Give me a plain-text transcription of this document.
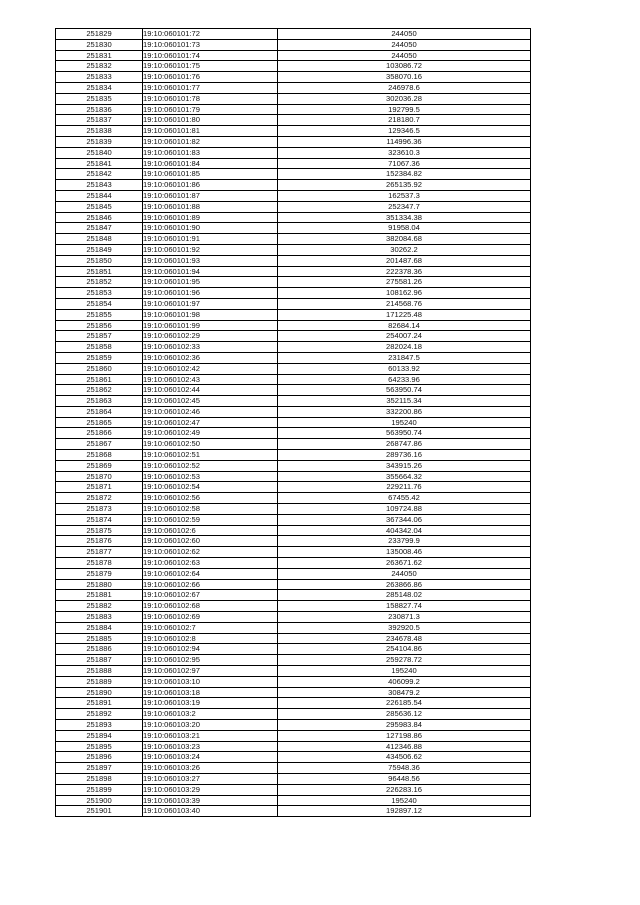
251829	19:10:060101:72	244050
251830	19:10:060101:73	244050
251831	19:10:060101:74	244050
251832	19:10:060101:75	103086.72
251833	19:10:060101:76	358070.16
251834	19:10:060101:77	246978.6
251835	19:10:060101:78	302036.28
251836	19:10:060101:79	192799.5
251837	19:10:060101:80	218180.7
251838	19:10:060101:81	129346.5
251839	19:10:060101:82	114996.36
251840	19:10:060101:83	323610.3
251841	19:10:060101:84	71067.36
251842	19:10:060101:85	152384.82
251843	19:10:060101:86	265135.92
251844	19:10:060101:87	162537.3
251845	19:10:060101:88	252347.7
251846	19:10:060101:89	351334.38
251847	19:10:060101:90	91958.04
251848	19:10:060101:91	382084.68
251849	19:10:060101:92	30262.2
251850	19:10:060101:93	201487.68
251851	19:10:060101:94	222378.36
251852	19:10:060101:95	275581.26
251853	19:10:060101:96	108162.96
251854	19:10:060101:97	214568.76
251855	19:10:060101:98	171225.48
251856	19:10:060101:99	82684.14
251857	19:10:060102:29	254007.24
251858	19:10:060102:33	282024.18
251859	19:10:060102:36	231847.5
251860	19:10:060102:42	60133.92
251861	19:10:060102:43	64233.96
251862	19:10:060102:44	563950.74
251863	19:10:060102:45	352115.34
251864	19:10:060102:46	332200.86
251865	19:10:060102:47	195240
251866	19:10:060102:49	563950.74
251867	19:10:060102:50	268747.86
251868	19:10:060102:51	289736.16
251869	19:10:060102:52	343915.26
251870	19:10:060102:53	355664.32
251871	19:10:060102:54	229211.76
251872	19:10:060102:56	67455.42
251873	19:10:060102:58	109724.88
251874	19:10:060102:59	367344.06
251875	19:10:060102:6	404342.04
251876	19:10:060102:60	233799.9
251877	19:10:060102:62	135008.46
251878	19:10:060102:63	263671.62
251879	19:10:060102:64	244050
251880	19:10:060102:66	263866.86
251881	19:10:060102:67	285148.02
251882	19:10:060102:68	158827.74
251883	19:10:060102:69	230871.3
251884	19:10:060102:7	392920.5
251885	19:10:060102:8	234678.48
251886	19:10:060102:94	254104.86
251887	19:10:060102:95	259278.72
251888	19:10:060102:97	195240
251889	19:10:060103:10	406099.2
251890	19:10:060103:18	308479.2
251891	19:10:060103:19	226185.54
251892	19:10:060103:2	285636.12
251893	19:10:060103:20	295983.84
251894	19:10:060103:21	127198.86
251895	19:10:060103:23	412346.88
251896	19:10:060103:24	434506.62
251897	19:10:060103:26	75948.36
251898	19:10:060103:27	96448.56
251899	19:10:060103:29	226283.16
251900	19:10:060103:39	195240
251901	19:10:060103:40	192897.12
